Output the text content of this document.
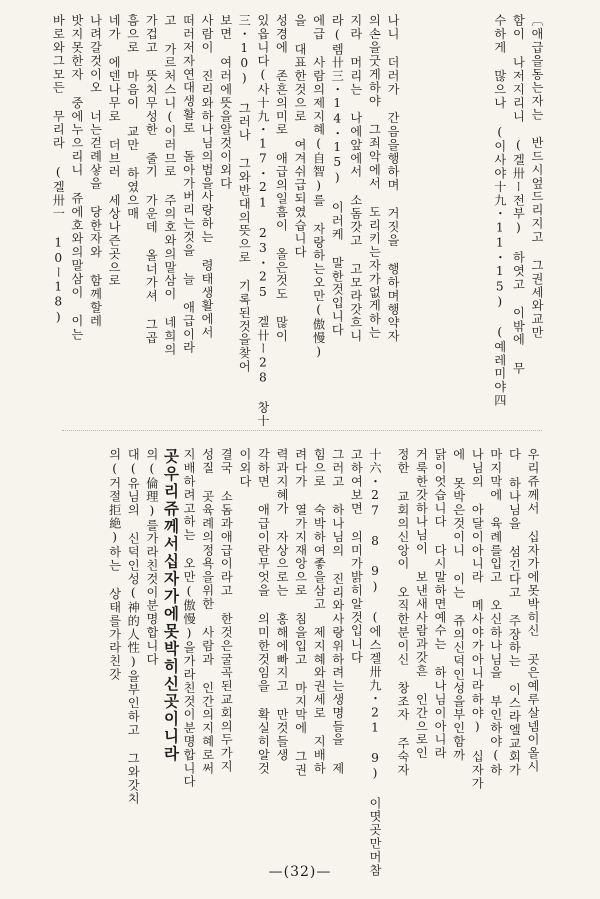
나니 더러가 간음을행하며 거짓을 행하며행약자
의손을굿게하야 그죄악에서 도리키는자가없게하는
지라 머리는 나에앞에서 소돔갓고 고모라갓흐니
라(렘卄三・14・15) 이러케 말한것입니다
에급 사람의제지혜(自智)를 자랑하는오만(傲慢)
을 대표한것으로 여겨쉬급되였습니다
성경에 존흔의미로 애급의일흠이 올은것도 많이
있읍니다(사十九・17・21 23・25 겔卄ー28 창十
三・10) 그러나 그와반대의뜻으로 기록된것을찾어
보면 여러에뜻을알것이외다
사람이 진리와하나님의법을사랑하는 령태생활에서
떠러저자연대생활로 돌아가버리는것을 늘 애급이라
고 가르처스니(이러므로 주의호와의말삼이 네희의
가겁고 뜻치무성한 줄기 가운데 올너가셔 그곱
흠으로 마음이 교만 하였으매
네가 에덴나무로 더브러 세상나즌곳으로
나려갈것이오 너는걷례샇을 당한자와 함께할레
밧지못한자 중에누으리니 쥬에호와의말삼이 이는
바로와그모든 무리라 (겔卅一 10ー18)	〔애급을동는자는 반드시엎드리지고 그권세와교만
함이 나저지리니 (겔卅ー전부) 하엿고 이밖에 무
수하게 많으나 (이사야十九・11・15) (예레미야四
十六・27 8 9) (에스겔卅九・21 9) 이몃곳만머참
고하여보면 의미가밝히알것입니다
그러고 하나님의 진리와사랑위하려는생명들을 제
힘으로 숙박하여좋을삼고 제지혜와권세로 지배하
려다가 열가지재앙으로 침을입고 마지막에 그권
력과지혜가 자상으로는 홍해에빠지고 만것들생
각하면 애급이란무엇을 의미한것임을 확실히알것
이외다
결국 소돔과애급이라고 한것은굴곡된교회의두가지
성질 곳육례의정욕을위한 사람과 인간의지혜로써
지배하려고하는 오만(傲慢)을가라친것이분명합니다
곳우리쥬께서십자가에못박히신곳이니라
의(倫理)를가라친것이분명합니다
대(유님의 신덕인성(神的人性)을부인하고 그와갓치
의(거절拒絶)하는 상태를가라친갓	우리쥬께서 십자가에못박히신 곳은예루살넴이올시
다 하나님을 섬긴다고 주장하는 이스라엘교회가
마지막에 육례를입고 오신하나님을 부인하야(하
나님의 아달이아니라 메사야가아니라하야) 십자가
에 못박은것이니 이는 쥬의신덕인성을부인함까
닭이엇습니다 다시말하면예수는 하나님이아니라
거룩한갓하나님이 보낸새사람과갓흔 인간으로인
정한 교회의신앙이 오직한분이신 창조자 주숙자
—(32)—
